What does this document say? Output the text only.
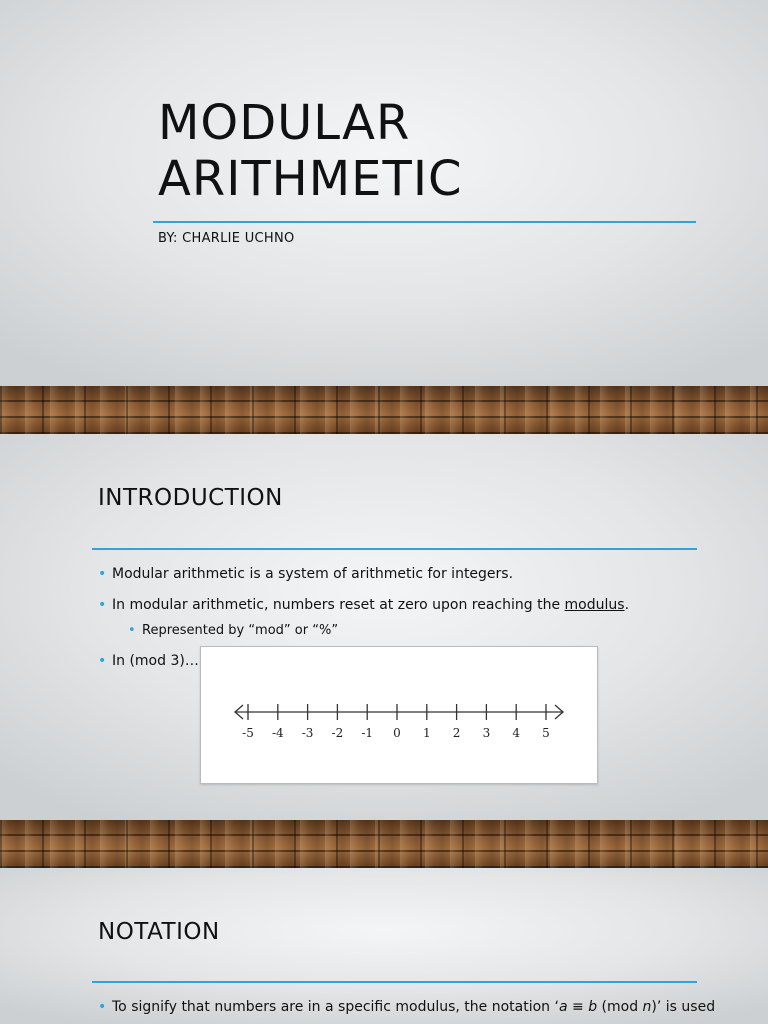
MODULAR
ARITHMETIC
BY: CHARLIE UCHNO
INTRODUCTION
• Modular arithmetic is a system of arithmetic for integers.
• In modular arithmetic, numbers reset at zero upon reaching the modulus.
• Represented by “mod” or “%”
• In (mod 3)…
-5 -4 -3 -2 -1 0 1 2 3 4 5
NOTATION
• To signify that numbers are in a specific modulus, the notation ‘a ≡ b (mod n)’ is used
